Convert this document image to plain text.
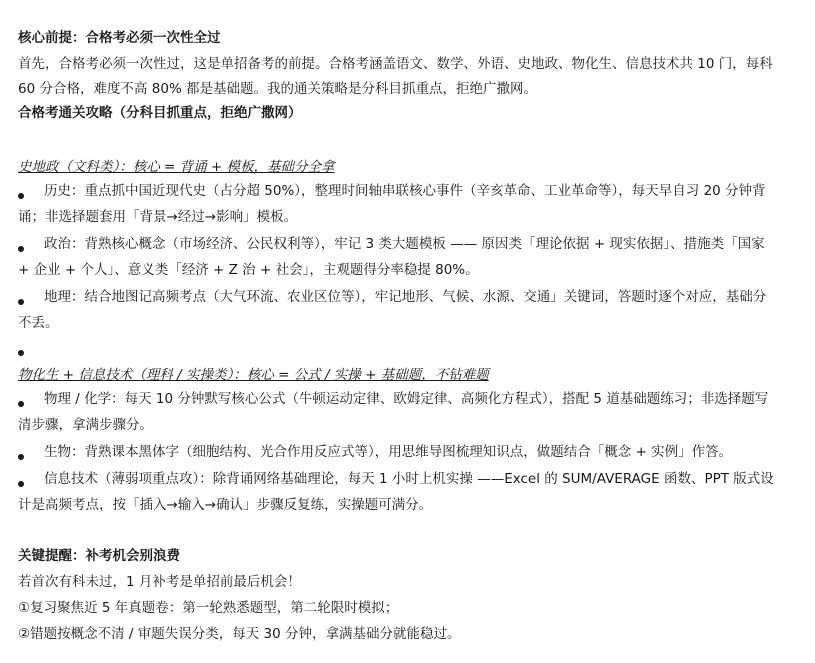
核心前提：合格考必须一次性全过
首先，合格考必须一次性过，这是单招备考的前提。合格考涵盖语文、数学、外语、史地政、物化生、信息技术共 10 门，每科
60 分合格，难度不高 80% 都是基础题。我的通关策略是分科目抓重点，拒绝广撒网。
合格考通关攻略（分科目抓重点，拒绝广撒网）
史地政（文科类）：核心 = 背诵 + 模板，基础分全拿
历史：重点抓中国近现代史（占分超 50%），整理时间轴串联核心事件（辛亥革命、工业革命等），每天早自习 20 分钟背
诵；非选择题套用「背景→经过→影响」模板。
政治：背熟核心概念（市场经济、公民权利等），牢记 3 类大题模板 —— 原因类「理论依据 + 现实依据」、措施类「国家
+ 企业 + 个人」、意义类「经济 + Z 治 + 社会」，主观题得分率稳提 80%。
地理：结合地图记高频考点（大气环流、农业区位等），牢记地形、气候、水源、交通」关键词，答题时逐个对应，基础分
不丢。
物化生 + 信息技术（理科 / 实操类）：核心 = 公式 / 实操 + 基础题，不钻难题
物理 / 化学：每天 10 分钟默写核心公式（牛顿运动定律、欧姆定律、高频化方程式），搭配 5 道基础题练习；非选择题写
清步骤，拿满步骤分。
生物：背熟课本黑体字（细胞结构、光合作用反应式等），用思维导图梳理知识点，做题结合「概念 + 实例」作答。
信息技术（薄弱项重点攻）：除背诵网络基础理论，每天 1 小时上机实操 ——Excel 的 SUM/AVERAGE 函数、PPT 版式设
计是高频考点，按「插入→输入→确认」步骤反复练，实操题可满分。
关键提醒：补考机会别浪费
若首次有科未过，1 月补考是单招前最后机会！
①复习聚焦近 5 年真题卷：第一轮熟悉题型，第二轮限时模拟；
②错题按概念不清 / 审题失误分类，每天 30 分钟，拿满基础分就能稳过。
